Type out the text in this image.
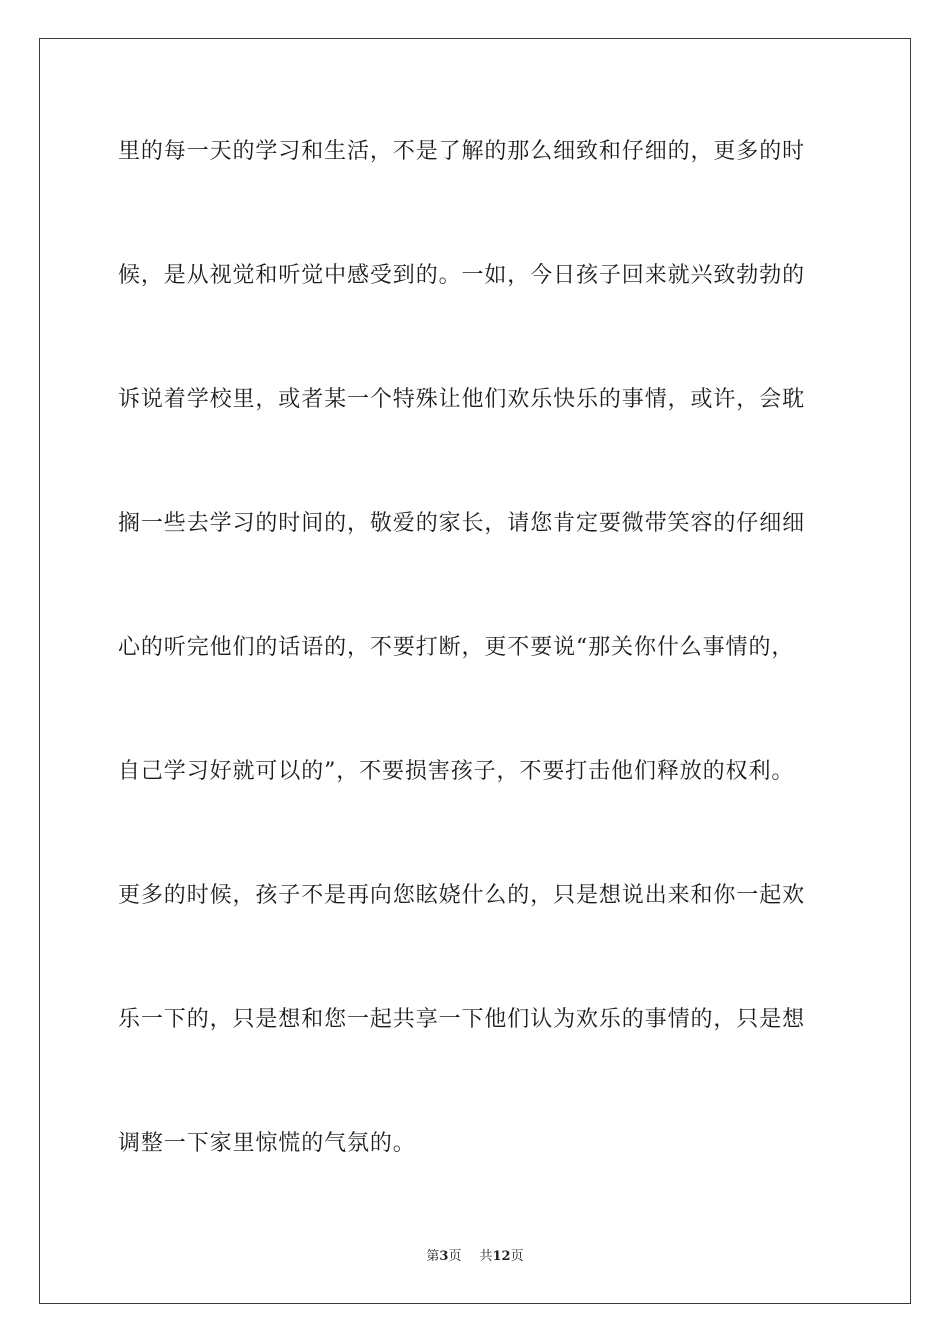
里的每一天的学习和生活，不是了解的那么细致和仔细的，更多的时
候，是从视觉和听觉中感受到的。一如，今日孩子回来就兴致勃勃的
诉说着学校里，或者某一个特殊让他们欢乐快乐的事情，或许，会耽
搁一些去学习的时间的，敬爱的家长，请您肯定要微带笑容的仔细细
心的听完他们的话语的，不要打断，更不要说“那关你什么事情的，
自己学习好就可以的”，不要损害孩子，不要打击他们释放的权利。
更多的时候，孩子不是再向您眩娆什么的，只是想说出来和你一起欢
乐一下的，只是想和您一起共享一下他们认为欢乐的事情的，只是想
调整一下家里惊慌的气氛的。
第3页 共12页
